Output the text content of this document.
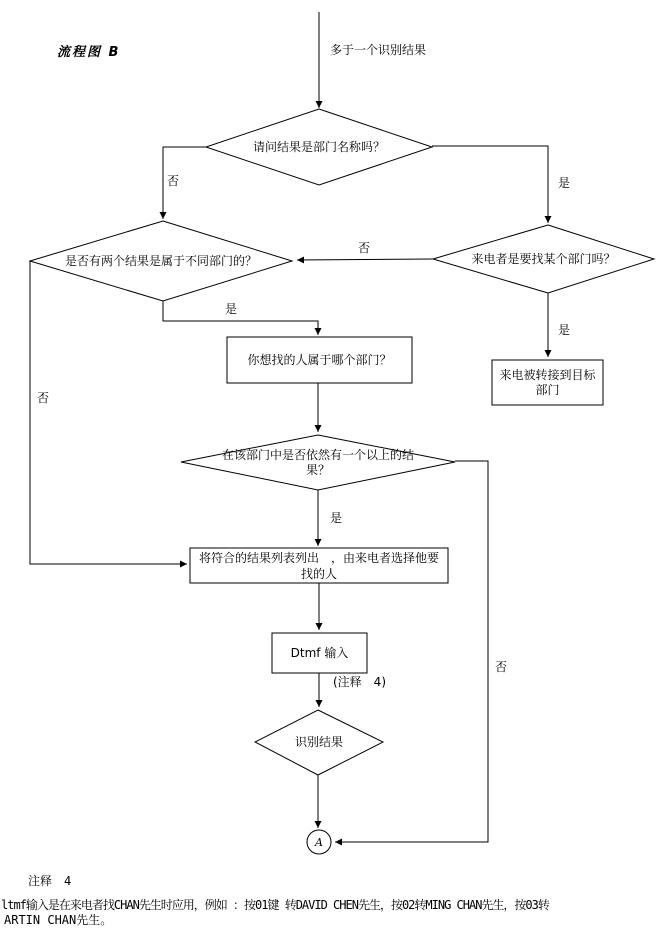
流程图 B	多于一个识别结果
请问结果是部门名称吗？
是否有两个结果是属于不同部门的？	来电者是要找某个部门吗？
你想找的人属于哪个部门？
来电被转接到目标部门
在该部门中是否依然有一个以上的结果？
将符合的结果列表列出　，由来电者选择他要找的人
Dtmf 输入
(注释　4)
识别结果
A
否	是
否
是
是
否
是
否
注释　4
ltmf输入是在来电者找CHAN先生时应用，例如 ：按01键 转DAVID CHEN先生，按02转MING CHAN先生，按03转
ARTIN CHAN先生。
